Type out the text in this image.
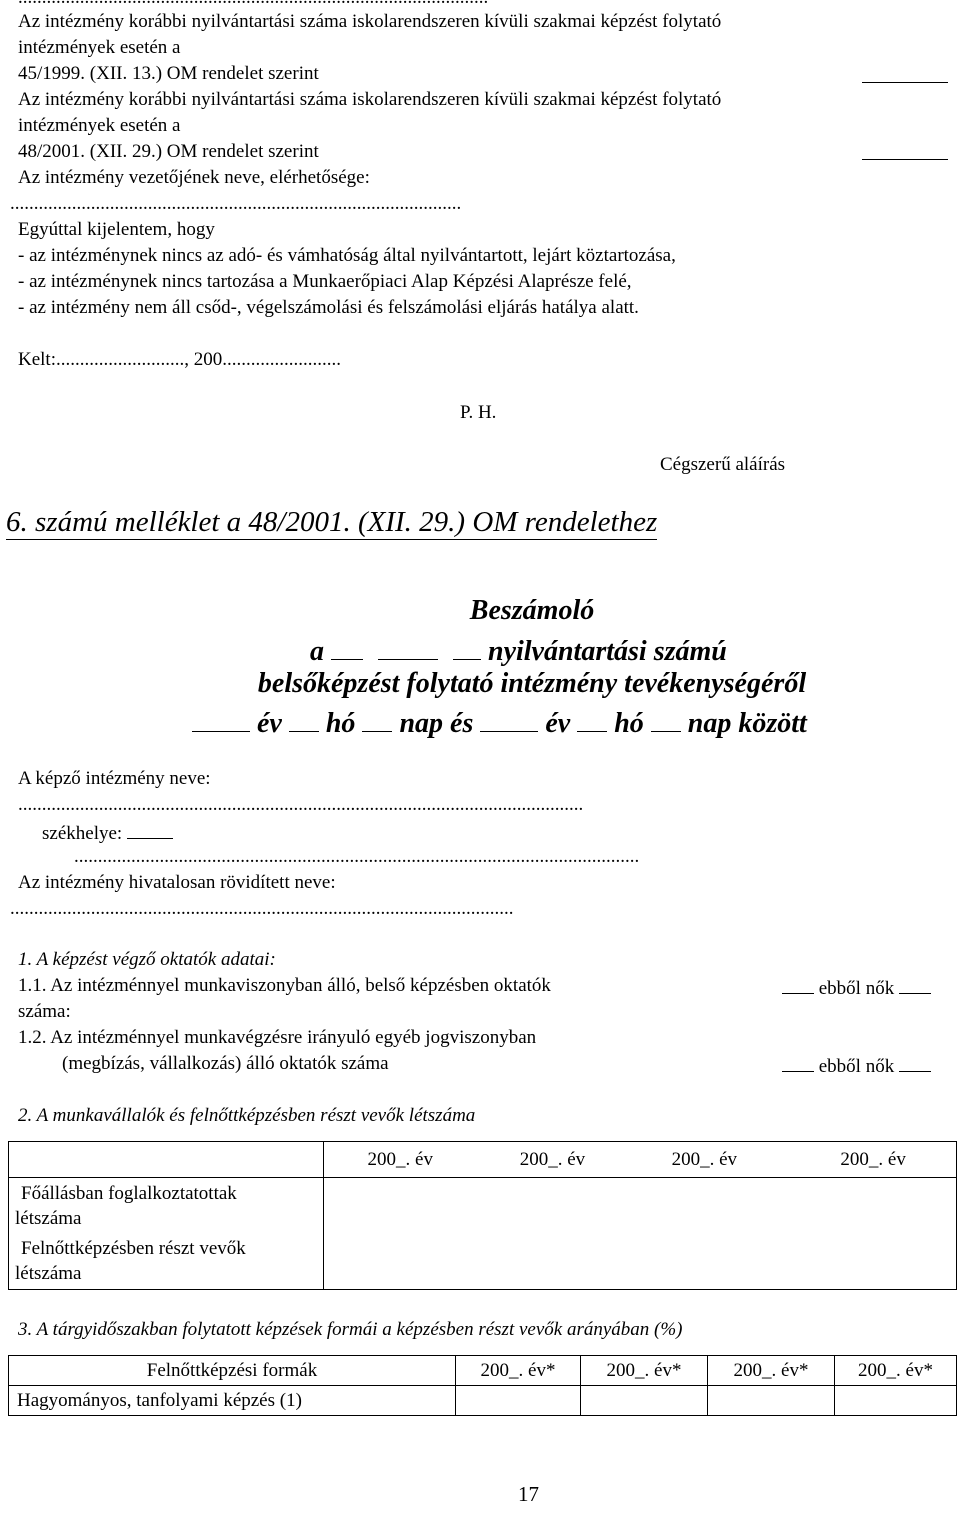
Az intézmény korábbi nyilvántartási száma iskolarendszeren kívüli szakmai képzést folytató
intézmények esetén a
45/1999. (XII. 13.) OM rendelet szerint
Az intézmény korábbi nyilvántartási száma iskolarendszeren kívüli szakmai képzést folytató
intézmények esetén a
48/2001. (XII. 29.) OM rendelet szerint
Az intézmény vezetőjének neve, elérhetősége:
...............................................................................................
Egyúttal kijelentem, hogy
- az intézménynek nincs az adó- és vámhatóság által nyilvántartott, lejárt köztartozása,
- az intézménynek nincs tartozása a Munkaerőpiaci Alap Képzési Alaprésze felé,
- az intézmény nem áll csőd-, végelszámolási és felszámolási eljárás hatálya alatt.
Kelt:..........................., 200.........................
P. H.
Cégszerű aláírás
6. számú melléklet a 48/2001. (XII. 29.) OM rendelethez
Beszámoló
a	nyilvántartási számú
belsőképzést folytató intézmény tevékenységéről
év hó nap és	év hó nap között
A képző intézmény neve:
.......................................................................................................................
székhelye:
.......................................................................................................................
Az intézmény hivatalosan rövidített neve:
..........................................................................................................
1. A képzést végző oktatók adatai:
1.1. Az intézménnyel munkaviszonyban álló, belső képzésben oktatók
száma:
ebből nők
1.2. Az intézménnyel munkavégzésre irányuló egyéb jogviszonyban
(megbízás, vállalkozás) álló oktatók száma	ebből nők
2. A munkavállalók és felnőttképzésben részt vevők létszáma
	200_. év	200_. év	200_. év	200_. év

Főállásban foglalkoztatottak
létszáma				

Felnőttképzésben részt vevők
létszáma				

3. A tárgyidőszakban folytatott képzések formái a képzésben részt vevők arányában (%)
Felnőttképzési formák	200_. év*	200_. év*	200_. év*	200_. év*
Hagyományos, tanfolyami képzés (1)				
17
